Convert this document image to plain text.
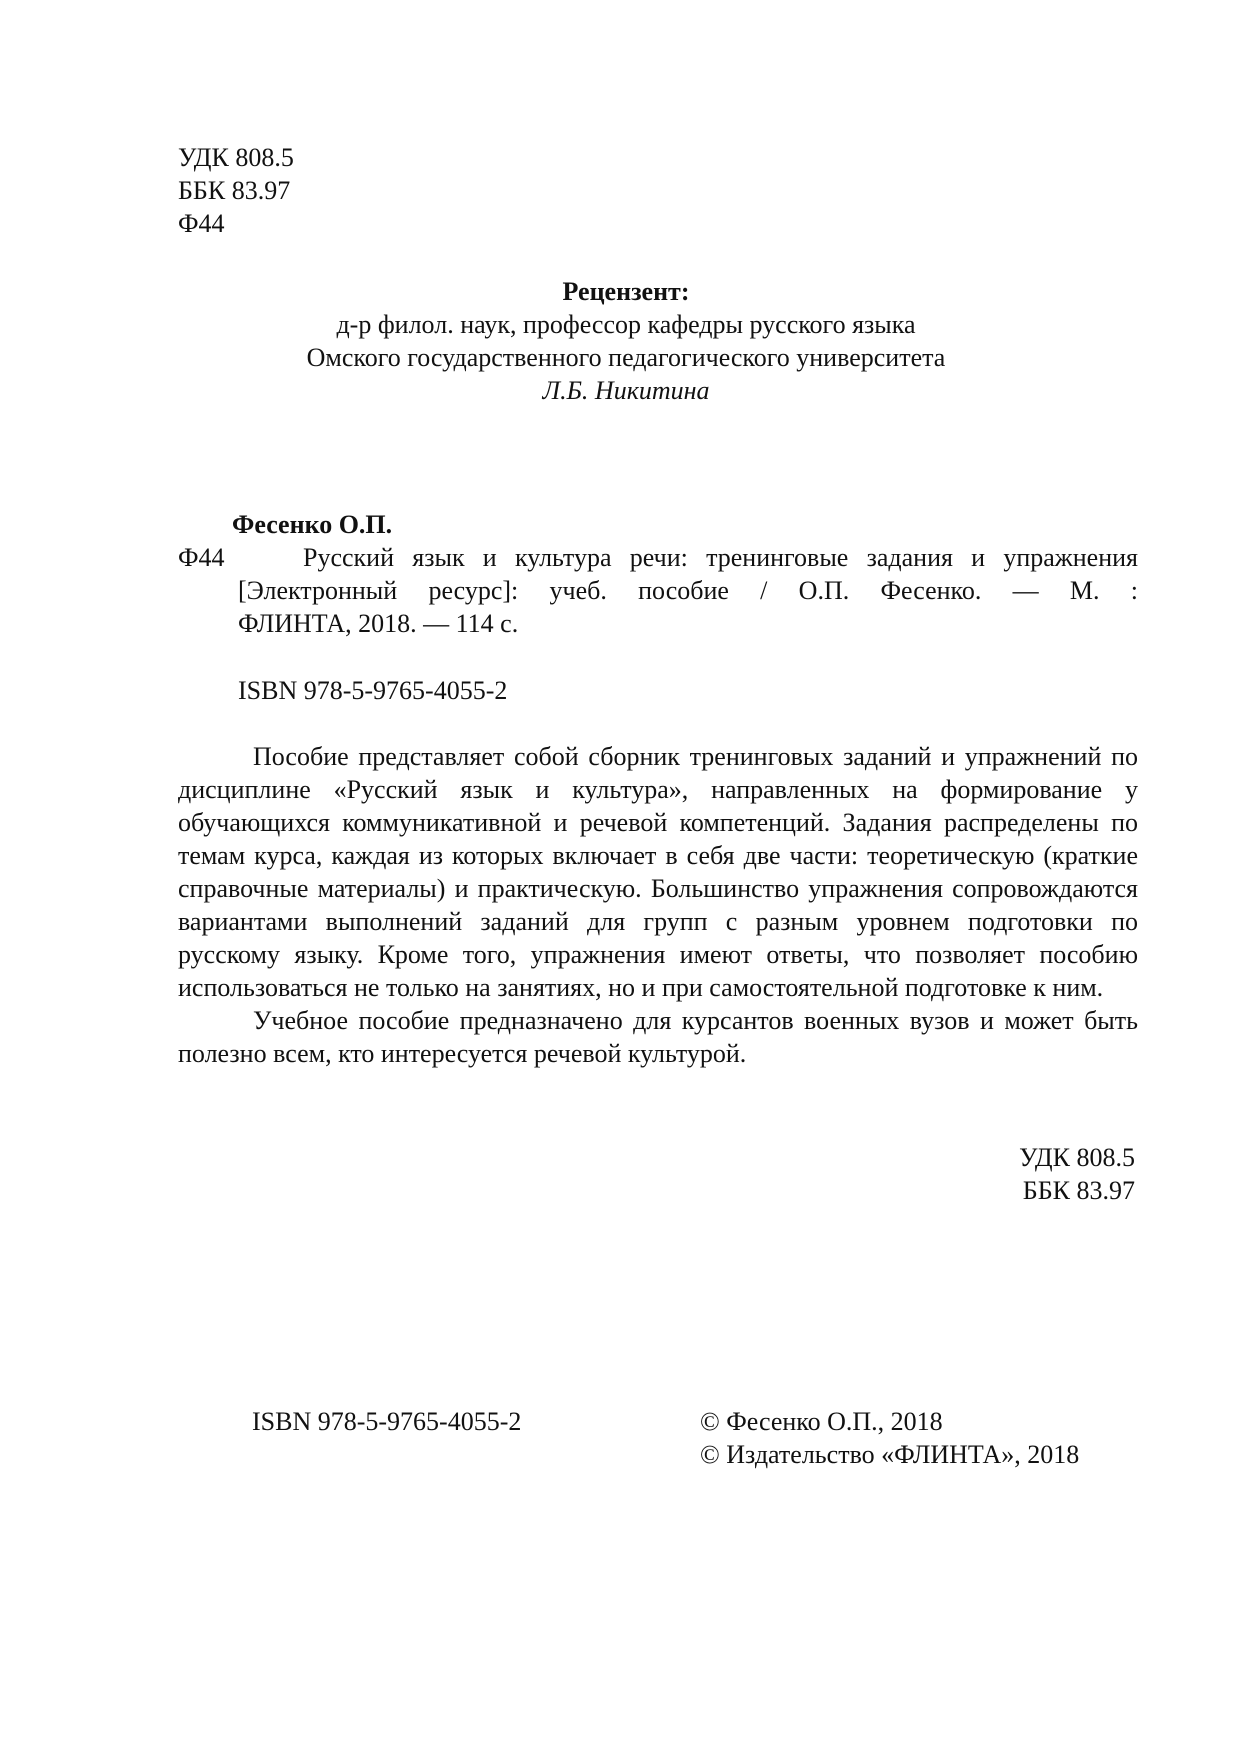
УДК 808.5
ББК 83.97
Ф44
Рецензент:
д-р филол. наук, профессор кафедры русского языка
Омского государственного педагогического университета
Л.Б. Никитина
Фесенко О.П.
Ф44	Русский язык и культура речи: тренинговые задания и упражнения
[Электронный ресурс]: учеб. пособие / О.П. Фесенко. — М. :
ФЛИНТА, 2018. — 114 с.
ISBN 978-5-9765-4055-2

Пособие представляет собой сборник тренинговых заданий и упражнений по дисциплине «Русский язык и культура», направленных на формирование у обучающихся коммуникативной и речевой компетенций. Задания распределены по темам курса, каждая из которых включает в себя две части: теоретическую (краткие справочные материалы) и практическую. Большинство упражнения сопровождаются вариантами выполнений заданий для групп с разным уровнем подготовки по русскому языку. Кроме того, упражнения имеют ответы, что позволяет пособию использоваться не только на занятиях, но и при самостоятельной подготовке к ним.

Учебное пособие предназначено для курсантов военных вузов и может быть полезно всем, кто интересуется речевой культурой.

УДК 808.5
ББК 83.97
ISBN 978-5-9765-4055-2	© Фесенко О.П., 2018
© Издательство «ФЛИНТА», 2018
